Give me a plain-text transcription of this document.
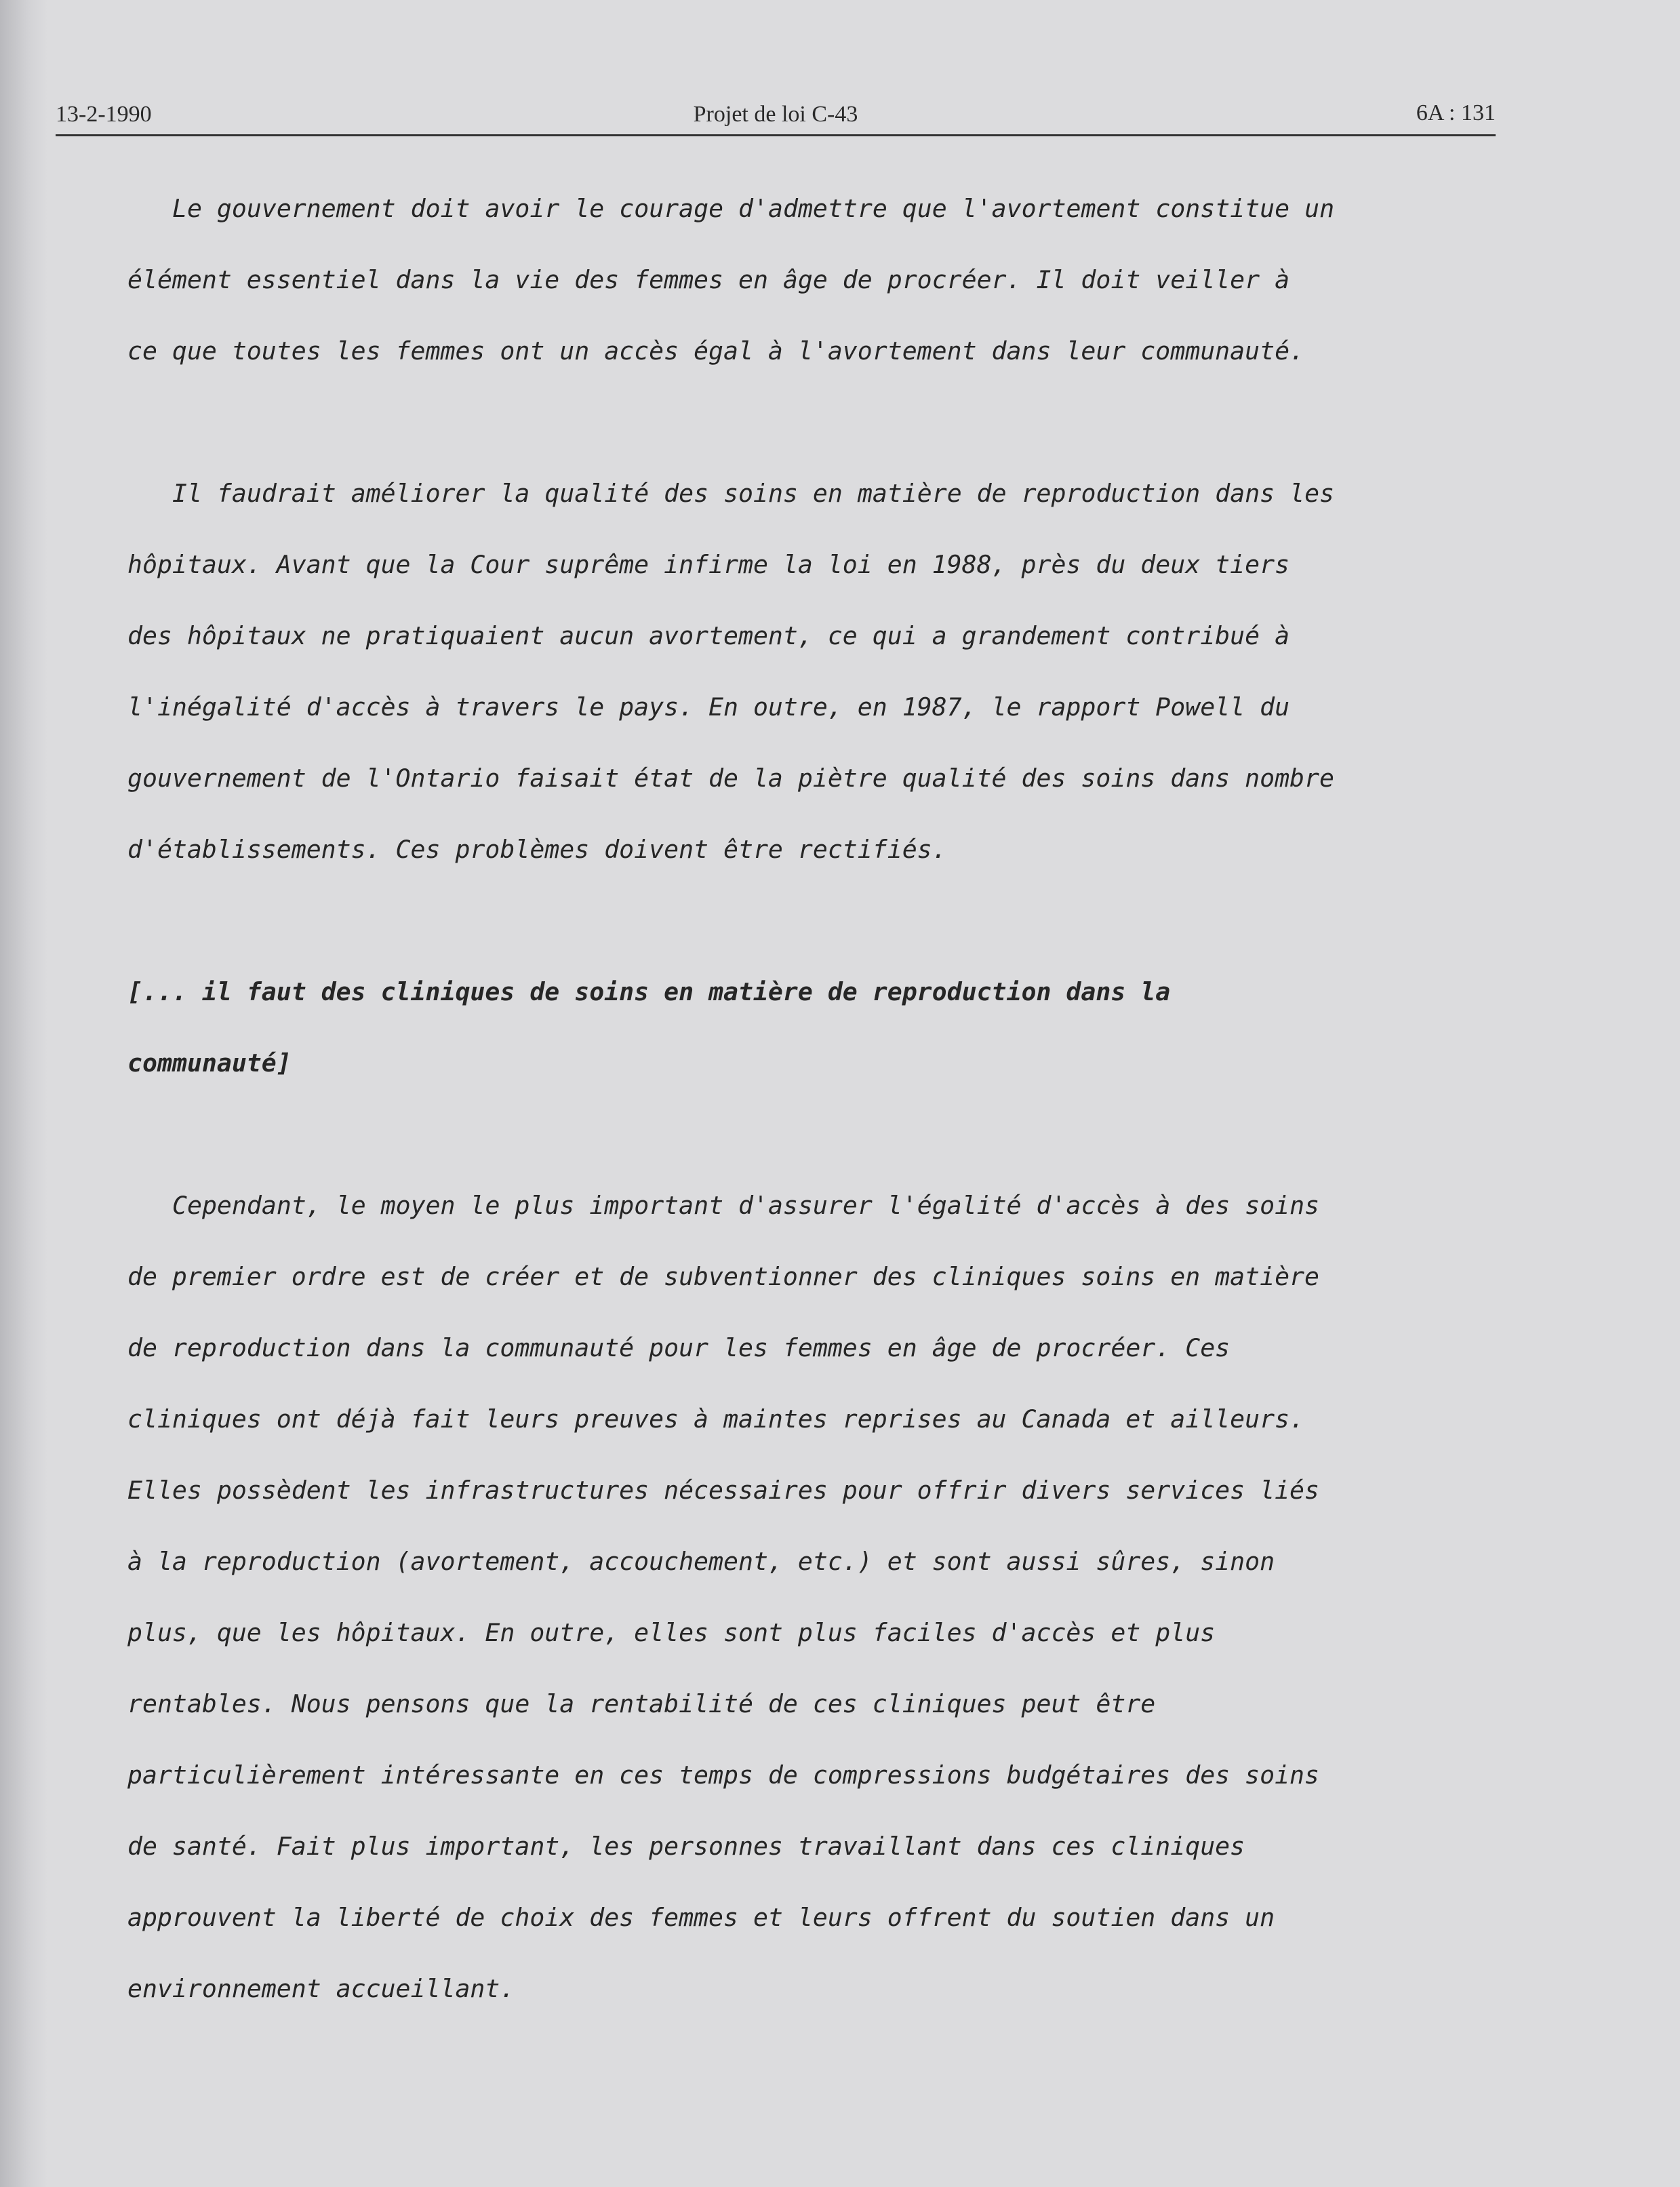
13-2-1990	Projet de loi C-43	6A : 131
Le gouvernement doit avoir le courage d'admettre que l'avortement constitue un
élément essentiel dans la vie des femmes en âge de procréer. Il doit veiller à
ce que toutes les femmes ont un accès égal à l'avortement dans leur communauté.
Il faudrait améliorer la qualité des soins en matière de reproduction dans les
hôpitaux. Avant que la Cour suprême infirme la loi en 1988, près du deux tiers
des hôpitaux ne pratiquaient aucun avortement, ce qui a grandement contribué à
l'inégalité d'accès à travers le pays. En outre, en 1987, le rapport Powell du
gouvernement de l'Ontario faisait état de la piètre qualité des soins dans nombre
d'établissements. Ces problèmes doivent être rectifiés.
[... il faut des cliniques de soins en matière de reproduction dans la
communauté]
Cependant, le moyen le plus important d'assurer l'égalité d'accès à des soins
de premier ordre est de créer et de subventionner des cliniques soins en matière
de reproduction dans la communauté pour les femmes en âge de procréer. Ces
cliniques ont déjà fait leurs preuves à maintes reprises au Canada et ailleurs.
Elles possèdent les infrastructures nécessaires pour offrir divers services liés
à la reproduction (avortement, accouchement, etc.) et sont aussi sûres, sinon
plus, que les hôpitaux. En outre, elles sont plus faciles d'accès et plus
rentables. Nous pensons que la rentabilité de ces cliniques peut être
particulièrement intéressante en ces temps de compressions budgétaires des soins
de santé. Fait plus important, les personnes travaillant dans ces cliniques
approuvent la liberté de choix des femmes et leurs offrent du soutien dans un
environnement accueillant.
